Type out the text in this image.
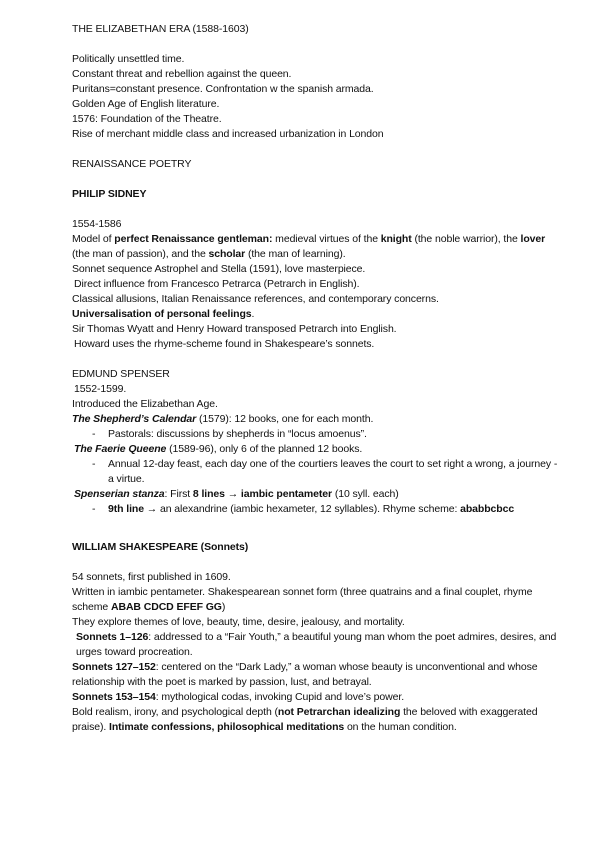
THE ELIZABETHAN ERA (1588-1603)

Politically unsettled time.

Constant threat and rebellion against the queen.

Puritans=constant presence. Confrontation w the spanish armada.

Golden Age of English literature.

1576: Foundation of the Theatre.

Rise of merchant middle class and increased urbanization in London

RENAISSANCE POETRY

PHILIP SIDNEY

1554-1586

Model of perfect Renaissance gentleman: medieval virtues of the knight (the noble warrior), the lover (the man of passion), and the scholar (the man of learning).

Sonnet sequence Astrophel and Stella (1591), love masterpiece.

Direct influence from Francesco Petrarca (Petrarch in English).

Classical allusions, Italian Renaissance references, and contemporary concerns.

Universalisation of personal feelings.

Sir Thomas Wyatt and Henry Howard transposed Petrarch into English.

Howard uses the rhyme-scheme found in Shakespeare’s sonnets.

EDMUND SPENSER

1552-1599.

Introduced the Elizabethan Age.

The Shepherd’s Calendar (1579): 12 books, one for each month.

- Pastorals: discussions by shepherds in “locus amoenus”.

The Faerie Queene (1589-96), only 6 of the planned 12 books.

- Annual 12-day feast, each day one of the courtiers leaves the court to set right a wrong, a journey - a virtue.

Spenserian stanza: First 8 lines → iambic pentameter (10 syll. each)

- 9th line → an alexandrine (iambic hexameter, 12 syllables). Rhyme scheme: ababbcbcc

WILLIAM SHAKESPEARE (Sonnets)

54 sonnets, first published in 1609.

Written in iambic pentameter. Shakespearean sonnet form (three quatrains and a final couplet, rhyme scheme ABAB CDCD EFEF GG)

They explore themes of love, beauty, time, desire, jealousy, and mortality.

Sonnets 1–126: addressed to a “Fair Youth,” a beautiful young man whom the poet admires, desires, and urges toward procreation.

Sonnets 127–152: centered on the “Dark Lady,” a woman whose beauty is unconventional and whose relationship with the poet is marked by passion, lust, and betrayal.

Sonnets 153–154: mythological codas, invoking Cupid and love’s power.

Bold realism, irony, and psychological depth (not Petrarchan idealizing the beloved with exaggerated praise). Intimate confessions, philosophical meditations on the human condition.
